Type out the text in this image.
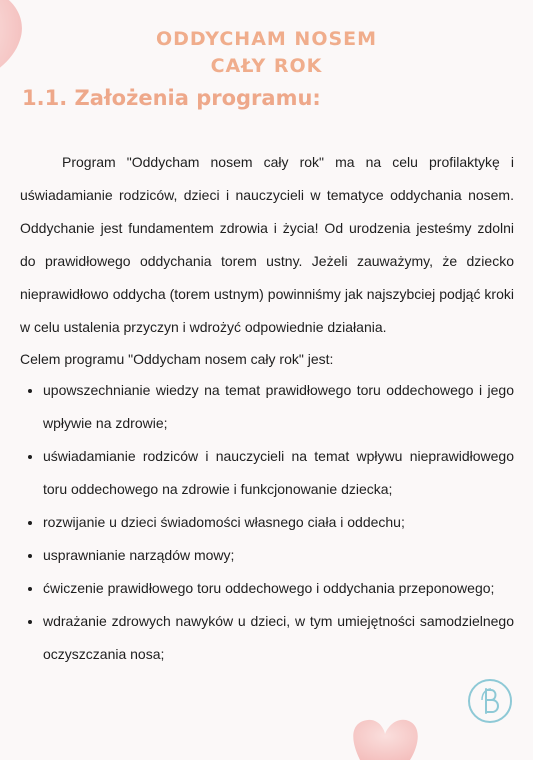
ODDYCHAM NOSEM
CAŁY ROK
1.1. Założenia programu:

Program "Oddycham nosem cały rok" ma na celu profilaktykę i uświadamianie rodziców, dzieci i nauczycieli w tematyce oddychania nosem. Oddychanie jest fundamentem zdrowia i życia! Od urodzenia jesteśmy zdolni do prawidłowego oddychania torem ustny. Jeżeli zauważymy, że dziecko nieprawidłowo oddycha (torem ustnym) powinniśmy jak najszybciej podjąć kroki w celu ustalenia przyczyn i wdrożyć odpowiednie działania.

Celem programu "Oddycham nosem cały rok" jest:

• upowszechnianie wiedzy na temat prawidłowego toru oddechowego i jego wpływie na zdrowie;
• uświadamianie rodziców i nauczycieli na temat wpływu nieprawidłowego toru oddechowego na zdrowie i funkcjonowanie dziecka;
• rozwijanie u dzieci świadomości własnego ciała i oddechu;
• usprawnianie narządów mowy;
• ćwiczenie prawidłowego toru oddechowego i oddychania przeponowego;
• wdrażanie zdrowych nawyków u dzieci, w tym umiejętności samodzielnego oczyszczania nosa;
